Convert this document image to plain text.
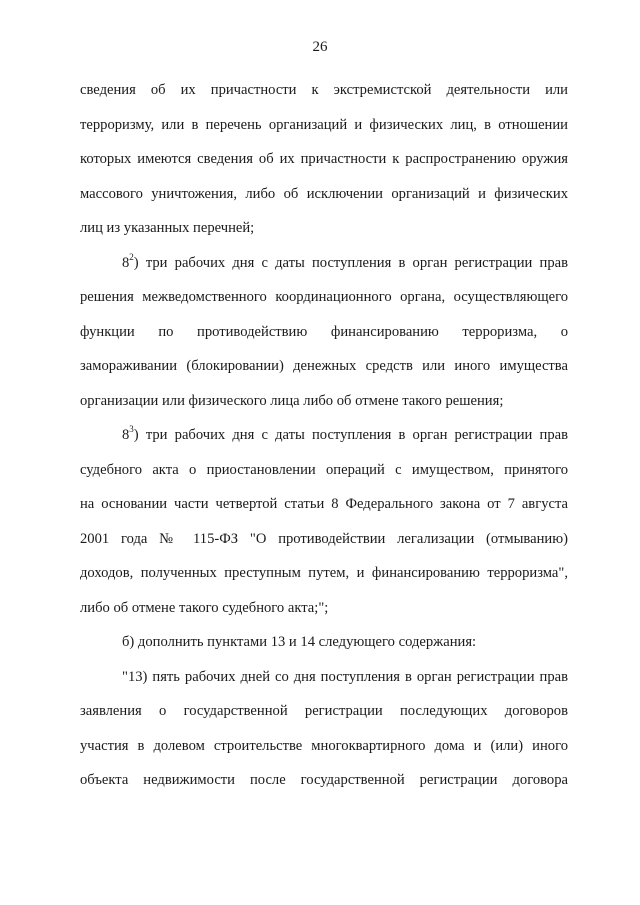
26

сведения об их причастности к экстремистской деятельности или
терроризму, или в перечень организаций и физических лиц, в отношении
которых имеются сведения об их причастности к распространению оружия
массового уничтожения, либо об исключении организаций и физических
лиц из указанных перечней;

$8^2$) три рабочих дня с даты поступления в орган регистрации прав
решения межведомственного координационного органа, осуществляющего
функции по противодействию финансированию терроризма, о
замораживании (блокировании) денежных средств или иного имущества
организации или физического лица либо об отмене такого решения;

$8^3$) три рабочих дня с даты поступления в орган регистрации прав
судебного акта о приостановлении операций с имуществом, принятого
на основании части четвертой статьи 8 Федерального закона от 7 августа
2001 года № 115-ФЗ "О противодействии легализации (отмыванию)
доходов, полученных преступным путем, и финансированию терроризма",
либо об отмене такого судебного акта;";

б) дополнить пунктами 13 и 14 следующего содержания:

"13) пять рабочих дней со дня поступления в орган регистрации прав
заявления о государственной регистрации последующих договоров
участия в долевом строительстве многоквартирного дома и (или) иного
объекта недвижимости после государственной регистрации договора
